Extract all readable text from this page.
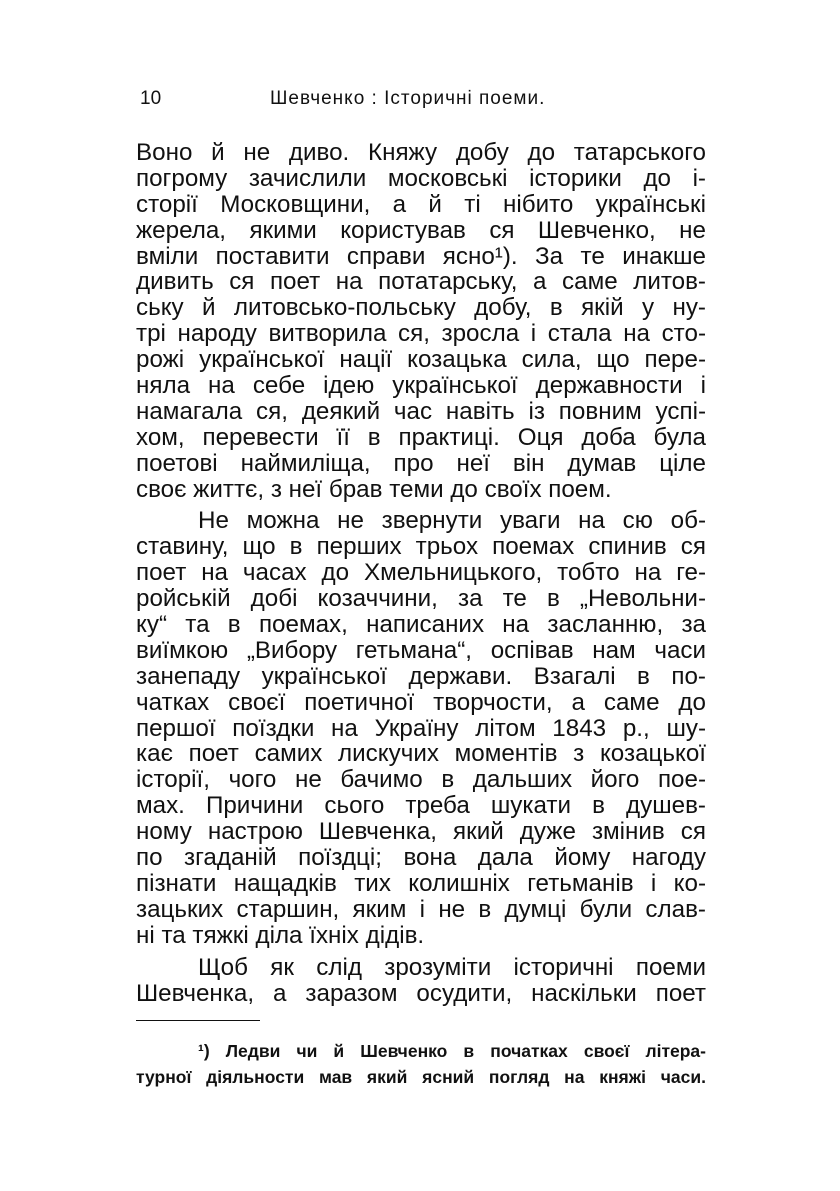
10	Шевченко : Історичні поеми.
Воно й не диво. Княжу добу до татарського
погрому зачислили московські історики до і-
сторії Московщини, а й ті нібито українські
жерела, якими користував ся Шевченко, не
вміли поставити справи ясно¹). За те инакше
дивить ся поет на потатарську, а саме литов-
ську й литовсько-польську добу, в якій у ну-
трі народу витворила ся, зросла і стала на сто-
рожі української нації козацька сила, що пере-
няла на себе ідею української державности і
намагала ся, деякий час навіть із повним успі-
хом, перевести її в практиці. Оця доба була
поетові наймиліща, про неї він думав ціле
своє життє, з неї брав теми до своїх поем.
Не можна не звернути уваги на сю об-
ставину, що в перших трьох поемах спинив ся
поет на часах до Хмельницького, тобто на ге-
ройській добі козаччини, за те в „Невольни-
ку“ та в поемах, написаних на засланню, за
виїмкою „Вибору гетьмана“, оспівав нам часи
занепаду української держави. Взагалі в по-
чатках своєї поетичної творчости, а саме до
першої поїздки на Україну літом 1843 р., шу-
кає поет самих лискучих моментів з козацької
історії, чого не бачимо в дальших його пое-
мах. Причини сього треба шукати в душев-
ному настрою Шевченка, який дуже змінив ся
по згаданій поїздці; вона дала йому нагоду
пізнати нащадків тих колишніх гетьманів і ко-
зацьких старшин, яким і не в думці були слав-
ні та тяжкі діла їхніх дідів.
Щоб як слід зрозуміти історичні поеми
Шевченка, а заразом осудити, наскільки поет
¹) Ледви чи й Шевченко в початках своєї літера-
турної діяльности мав який ясний погляд на княжі часи.
